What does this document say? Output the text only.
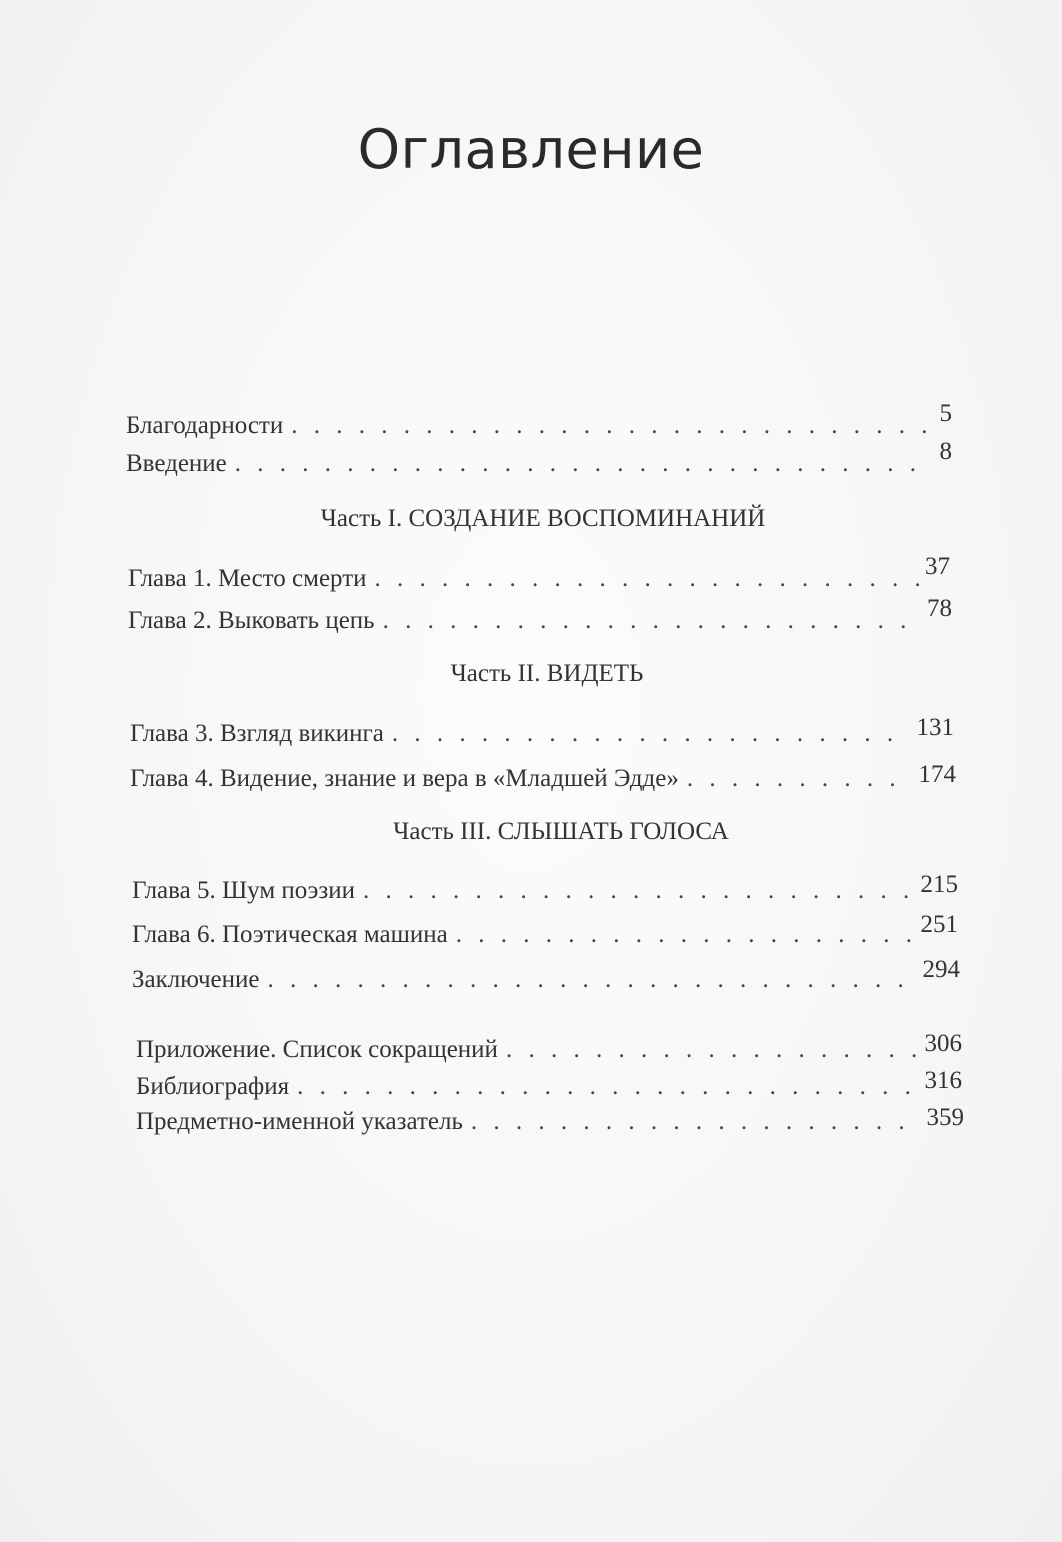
Оглавление
Благодарности . . .	5
Введение . . .	8
Часть I. СОЗДАНИЕ ВОСПОМИНАНИЙ
Глава 1. Место смерти . . .	37
Глава 2. Выковать цепь . . .	78
Часть II. ВИДЕТЬ
Глава 3. Взгляд викинга . . .	131
Глава 4. Видение, знание и вера в «Младшей Эдде» . . .	174
Часть III. СЛЫШАТЬ ГОЛОСА
Глава 5. Шум поэзии . . .	215
Глава 6. Поэтическая машина . . .	251
Заключение . . .	294
Приложение. Список сокращений . . .	306
Библиография . . .	316
Предметно-именной указатель . . .	359
